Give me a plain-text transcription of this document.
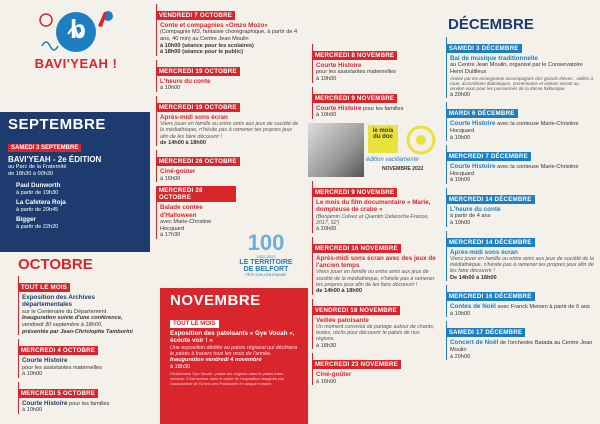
b
BAVI'YEAH !
SEPTEMBRE
SAMEDI 3 SEPTEMBRE
BAVI'YEAH - 2e ÉDITION
au Parc de la Fraternité
de 18h30 à 00h30
Paul Dunworth
à partir de 19h30
La Cafetera Roja
à partir de 20h45
Bigger
à partir de 22h20
OCTOBRE
TOUT LE MOIS
Exposition des Archives départementales
sur le Centenaire du Département
Inauguration suivie d'une conférence,
vendredi 30 septembre à 18h00,
présentée par Jean-Christophe Tamborini
MERCREDI 4 OCTOBRE
Courte Histoire
pour les assistantes maternelles
à 10h00
MERCREDI 5 OCTOBRE
Courte Histoire pour les familles
à 10h00
VENDREDI 7 OCTOBRE
Conte et compagnies «Omzo Mozo»
(Compagnie M3, fantaisie chorégraphique, à partir de 4 ans, 40 min) au Centre Jean Moulin
à 10h00 (séance pour les scolaires)
à 18h00 (séance pour le public)
MERCREDI 19 OCTOBRE
L'heure du conte
à 10h00
MERCREDI 19 OCTOBRE
Après-midi sons écran
Viens jouer en famille ou entre amis aux jeux de société de la médiathèque, n'hésite pas à ramener tes propres jeux afin de les faire découvrir !
de 14h00 à 18h00
MERCREDI 26 OCTOBRE
Ciné-goûter
à 16h00
MERCREDI 28 OCTOBRE
Balade contée d'Halloween
avec Marie-Christine Hocquard
à 17h30	100
1922-2022
LE TERRITOIRE
DE BELFORT
FÊTE SON CENTENAIRE
NOVEMBRE
TOUT LE MOIS
Exposition des patoisants « Gye Vouah », écoute voir ! »
Une exposition dédiée au patois régional qui déclinera le patois à travers tous les mois de l'année.
Inauguration vendredi 4 novembre
à 18h30
Dictionnaire Gye Vouah : patois les origines dans le patois franc-comtois. C'est surtout dans le cadre de l'exposition imaginée par l'Association de l'Union des Patoisants en langue romane.
MERCREDI 8 NOVEMBRE
Courte Histoire
pour les assistantes maternelles
à 10h00
MERCREDI 9 NOVEMBRE
Courte Histoire pour les familles
à 10h00
le mois
du doc
édition vacillamente
NOVEMBRE 2022
MERCREDI 9 NOVEMBRE
Le mois du film documentaire « Marie, dompteuse de crabe »
(Benjamin Colvez et Quentin Delaroche-France, 2017, 52')
à 20h00
MERCREDI 16 NOVEMBRE
Après-midi sons écran avec des jeux de l'ancien temps
Viens jouer en famille ou entre amis aux jeux de société de la médiathèque, n'hésite pas à ramener tes propres jeux afin de les faire découvrir !
de 14h00 à 18h00
VENDREDI 18 NOVEMBRE
Veillée patoisante
Un moment convivial de partage autour de chants, textes, récits pour découvrir le patois de nos régions.
à 18h30
MERCREDI 23 NOVEMBRE
Ciné-goûter
à 16h00
DÉCEMBRE
SAMEDI 3 DÉCEMBRE
Bal de musique traditionnelle
au Centre Jean Moulin, organisé par le Conservatoire Henri Dutilleux
Animé par les enseignants accompagnés des grands élèves : vielles à roue, accordéons diatoniques, cornemuses et violons seront au rendez-vous pour les passionnés de la danse folklorique
à 20h00
MARDI 6 DÉCEMBRE
Courte Histoire avec la conteuse Marie-Christine Hocquard
à 10h00
MERCREDI 7 DÉCEMBRE
Courte Histoire avec la conteuse Marie-Christine Hocquard
à 10h00
MERCREDI 14 DÉCEMBRE
L'heure du conte
à partir de 4 ans
à 10h00
MERCREDI 14 DÉCEMBRE
Après-midi sons écran
Viens jouer en famille ou entre amis aux jeux de société de la médiathèque, n'hésite pas à ramener tes propres jeux afin de les faire découvrir !
De 14h00 à 18h00
MERCREDI 16 DÉCEMBRE
Contes de Noël avec Franck Meinen à partir de 6 ans
à 10h00
SAMEDI 17 DÉCEMBRE
Concert de Noël de l'orchestre Batada au Centre Jean Moulin
à 20h00
